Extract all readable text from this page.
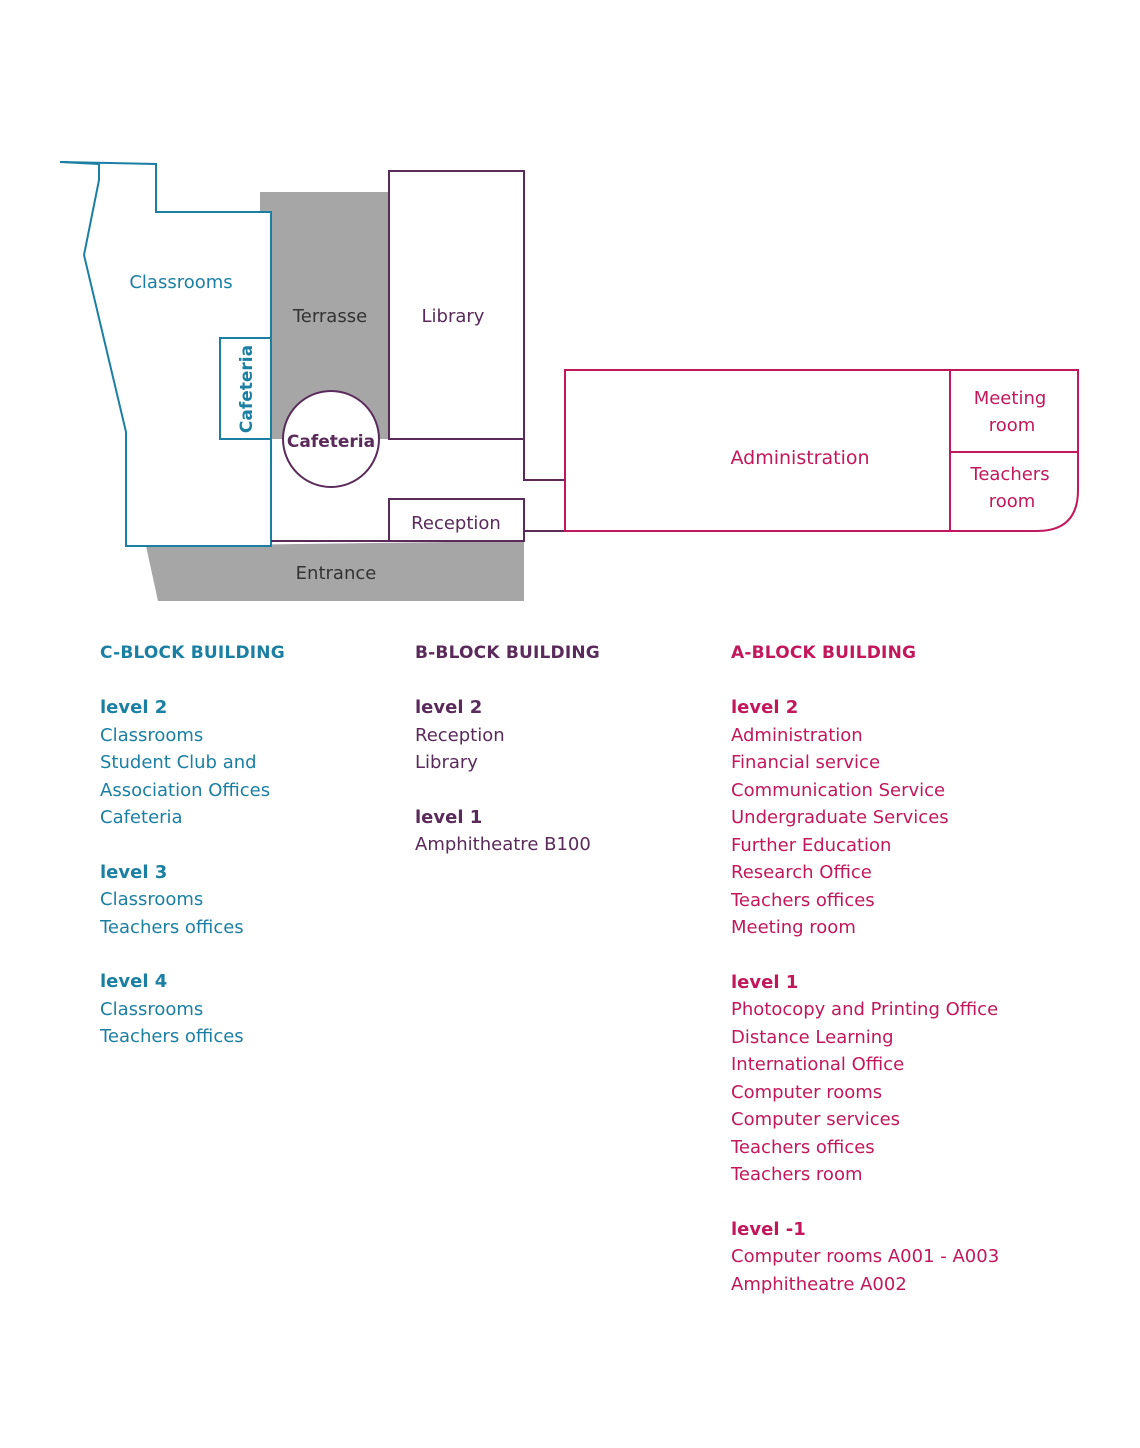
Classrooms
Cafeteria
Terrasse	Library
Cafeteria
Reception
Entrance
Administration
Meeting
room
Teachers
room
C-BLOCK BUILDING
level 2
Classrooms
Student Club and
Association Offices
Cafeteria
level 3
Classrooms
Teachers offices
level 4
Classrooms
Teachers offices
B-BLOCK BUILDING
level 2
Reception
Library
level 1
Amphitheatre B100
A-BLOCK BUILDING
level 2
Administration
Financial service
Communication Service
Undergraduate Services
Further Education
Research Office
Teachers offices
Meeting room
level 1
Photocopy and Printing Office
Distance Learning
International Office
Computer rooms
Computer services
Teachers offices
Teachers room
level -1
Computer rooms A001 - A003
Amphitheatre A002
